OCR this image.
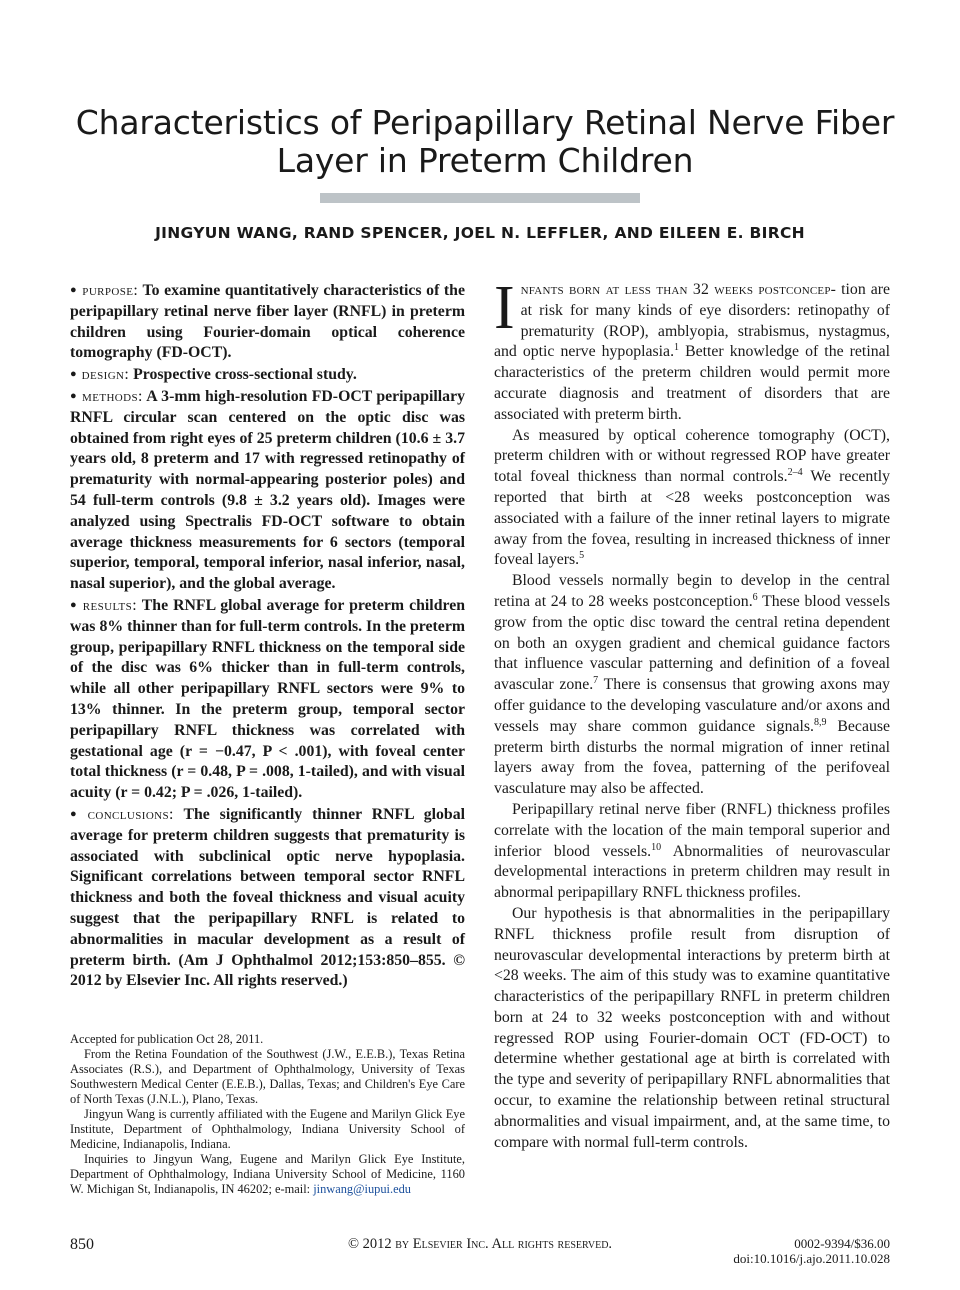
Characteristics of Peripapillary Retinal Nerve Fiber
Layer in Preterm Children
JINGYUN WANG, RAND SPENCER, JOEL N. LEFFLER, AND EILEEN E. BIRCH

● purpose: To examine quantitatively characteristics of the peripapillary retinal nerve fiber layer (RNFL) in preterm children using Fourier-domain optical coherence tomography (FD-OCT).

● design: Prospective cross-sectional study.

● methods: A 3-mm high-resolution FD-OCT peripapillary RNFL circular scan centered on the optic disc was obtained from right eyes of 25 preterm children (10.6 ± 3.7 years old, 8 preterm and 17 with regressed retinopathy of prematurity with normal-appearing posterior poles) and 54 full-term controls (9.8 ± 3.2 years old). Images were analyzed using Spectralis FD-OCT software to obtain average thickness measurements for 6 sectors (temporal superior, temporal, temporal inferior, nasal inferior, nasal, nasal superior), and the global average.

● results: The RNFL global average for preterm children was 8% thinner than for full-term controls. In the preterm group, peripapillary RNFL thickness on the temporal side of the disc was 6% thicker than in full-term controls, while all other peripapillary RNFL sectors were 9% to 13% thinner. In the preterm group, temporal sector peripapillary RNFL thickness was correlated with gestational age (r = −0.47, P < .001), with foveal center total thickness (r = 0.48, P = .008, 1-tailed), and with visual acuity (r = 0.42; P = .026, 1-tailed).

● conclusions: The significantly thinner RNFL global average for preterm children suggests that prematurity is associated with subclinical optic nerve hypoplasia. Significant correlations between temporal sector RNFL thickness and both the foveal thickness and visual acuity suggest that the peripapillary RNFL is related to abnormalities in macular development as a result of preterm birth. (Am J Ophthalmol 2012;153:850–855. © 2012 by Elsevier Inc. All rights reserved.)

Infants born at less than 32 weeks postconcep- tion are at risk for many kinds of eye disorders: retinopathy of prematurity (ROP), amblyopia, strabismus, nystagmus, and optic nerve hypoplasia.$^1$ Better knowledge of the retinal characteristics of the preterm children would permit more accurate diagnosis and treatment of disorders that are associated with preterm birth.

As measured by optical coherence tomography (OCT), preterm children with or without regressed ROP have greater total foveal thickness than normal controls.$^{2-4}$ We recently reported that birth at <28 weeks postconception was associated with a failure of the inner retinal layers to migrate away from the fovea, resulting in increased thickness of inner foveal layers.$^5$

Blood vessels normally begin to develop in the central retina at 24 to 28 weeks postconception.$^6$ These blood vessels grow from the optic disc toward the central retina dependent on both an oxygen gradient and chemical guidance factors that influence vascular patterning and definition of a foveal avascular zone.$^7$ There is consensus that growing axons may offer guidance to the developing vasculature and/or axons and vessels may share common guidance signals.$^{8,9}$ Because preterm birth disturbs the normal migration of inner retinal layers away from the fovea, patterning of the perifoveal vasculature may also be affected.

Peripapillary retinal nerve fiber (RNFL) thickness profiles correlate with the location of the main temporal superior and inferior blood vessels.$^{10}$ Abnormalities of neurovascular developmental interactions in preterm children may result in abnormal peripapillary RNFL thickness profiles.

Our hypothesis is that abnormalities in the peripapillary RNFL thickness profile result from disruption of neurovascular developmental interactions by preterm birth at <28 weeks. The aim of this study was to examine quantitative characteristics of the peripapillary RNFL in preterm children born at 24 to 32 weeks postconception with and without regressed ROP using Fourier-domain OCT (FD-OCT) to determine whether gestational age at birth is correlated with the type and severity of peripapillary RNFL abnormalities that occur, to examine the relationship between retinal structural abnormalities and visual impairment, and, at the same time, to compare with normal full-term controls.

Accepted for publication Oct 28, 2011.

From the Retina Foundation of the Southwest (J.W., E.E.B.), Texas Retina Associates (R.S.), and Department of Ophthalmology, University of Texas Southwestern Medical Center (E.E.B.), Dallas, Texas; and Children's Eye Care of North Texas (J.N.L.), Plano, Texas.

Jingyun Wang is currently affiliated with the Eugene and Marilyn Glick Eye Institute, Department of Ophthalmology, Indiana University School of Medicine, Indianapolis, Indiana.

Inquiries to Jingyun Wang, Eugene and Marilyn Glick Eye Institute, Department of Ophthalmology, Indiana University School of Medicine, 1160 W. Michigan St, Indianapolis, IN 46202; e-mail: jinwang@iupui.edu

850	© 2012 by Elsevier Inc. All rights reserved.	0002-9394/$36.00
doi:10.1016/j.ajo.2011.10.028
